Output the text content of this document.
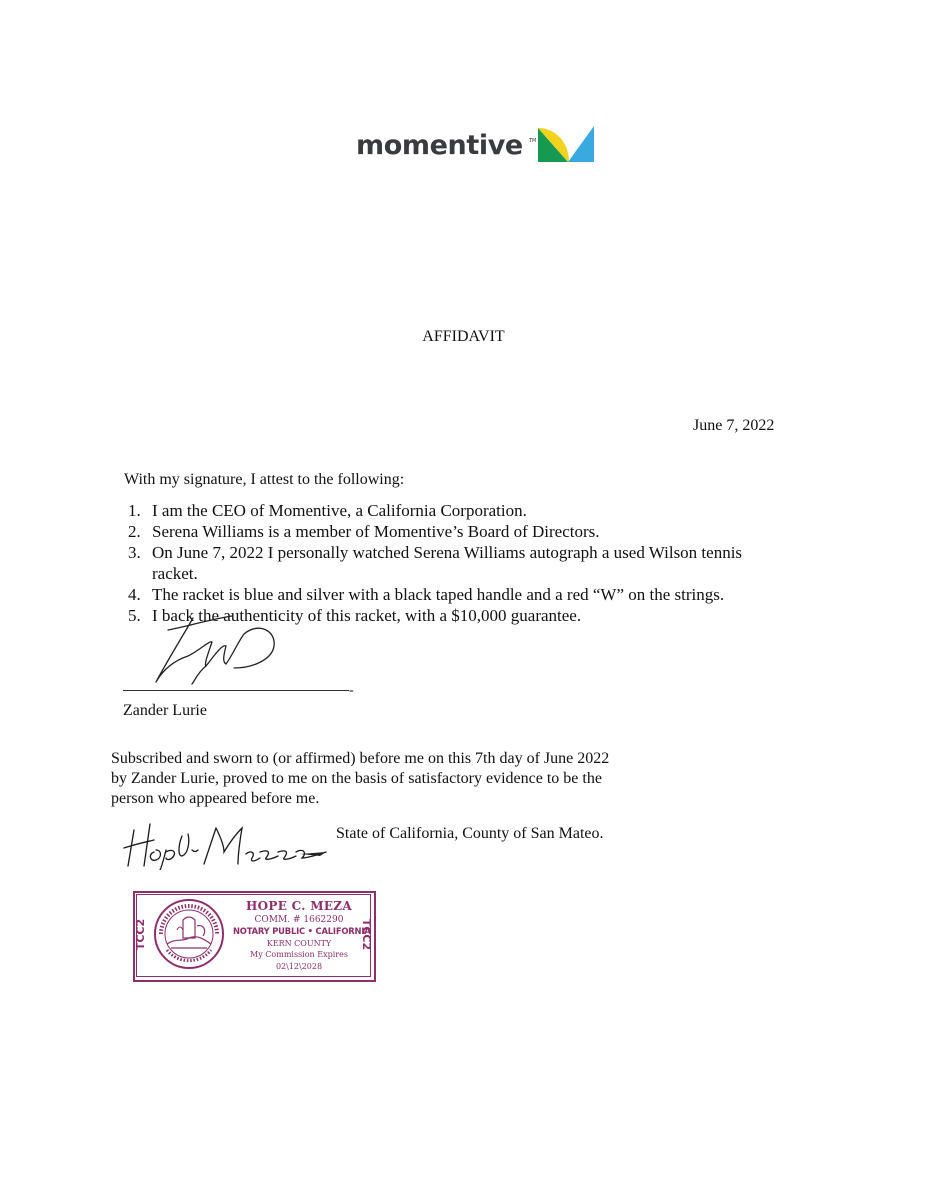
momentive TM
AFFIDAVIT
June 7, 2022
With my signature, I attest to the following:
1. I am the CEO of Momentive, a California Corporation.
2. Serena Williams is a member of Momentive’s Board of Directors.
3. On June 7, 2022 I personally watched Serena Williams autograph a used Wilson tennis racket.
4. The racket is blue and silver with a black taped handle and a red “W” on the strings.
5. I back the authenticity of this racket, with a $10,000 guarantee.
-
Zander Lurie
Subscribed and sworn to (or affirmed) before me on this 7th day of June 2022 by Zander Lurie, proved to me on the basis of satisfactory evidence to be the person who appeared before me.
State of California, County of San Mateo.
TCC2	TCC2
HOPE C. MEZA
COMM. # 1662290
NOTARY PUBLIC • CALIFORNIA
KERN COUNTY
My Commission Expires
02\12\2028
